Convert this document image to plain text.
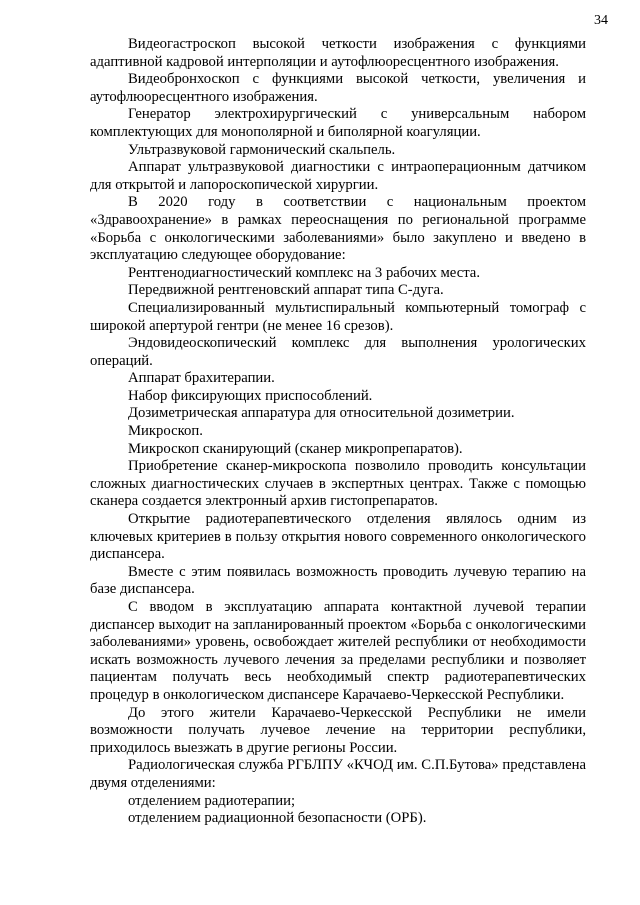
34

Видеогастроскоп высокой четкости изображения с функциями адаптивной кадровой интерполяции и аутофлюоресцентного изображения.

Видеобронхоскоп с функциями высокой четкости, увеличения и аутофлюоресцентного изображения.

Генератор электрохирургический с универсальным набором комплектующих для монополярной и биполярной коагуляции.

Ультразвуковой гармонический скальпель.

Аппарат ультразвуковой диагностики с интраоперационным датчиком для открытой и лапороскопической хирургии.

В 2020 году в соответствии с национальным проектом «Здравоохранение» в рамках переоснащения по региональной программе «Борьба с онкологическими заболеваниями» было закуплено и введено в эксплуатацию следующее оборудование:

Рентгенодиагностический комплекс на 3 рабочих места.

Передвижной рентгеновский аппарат типа С-дуга.

Специализированный мультиспиральный компьютерный томограф с широкой апертурой гентри (не менее 16 срезов).

Эндовидеоскопический комплекс для выполнения урологических операций.

Аппарат брахитерапии.

Набор фиксирующих приспособлений.

Дозиметрическая аппаратура для относительной дозиметрии.

Микроскоп.

Микроскоп сканирующий (сканер микропрепаратов).

Приобретение сканер-микроскопа позволило проводить консультации сложных диагностических случаев в экспертных центрах. Также с помощью сканера создается электронный архив гистопрепаратов.

Открытие радиотерапевтического отделения являлось одним из ключевых критериев в пользу открытия нового современного онкологического диспансера.

Вместе с этим появилась возможность проводить лучевую терапию на базе диспансера.

С вводом в эксплуатацию аппарата контактной лучевой терапии диспансер выходит на запланированный проектом «Борьба с онкологическими заболеваниями» уровень, освобождает жителей республики от необходимости искать возможность лучевого лечения за пределами республики и позволяет пациентам получать весь необходимый спектр радиотерапевтических процедур в онкологическом диспансере Карачаево-Черкесской Республики.

До этого жители Карачаево-Черкесской Республики не имели возможности получать лучевое лечение на территории республики, приходилось выезжать в другие регионы России.

Радиологическая служба РГБЛПУ «КЧОД им. С.П.Бутова» представлена двумя отделениями:

отделением радиотерапии;

отделением радиационной безопасности (ОРБ).
